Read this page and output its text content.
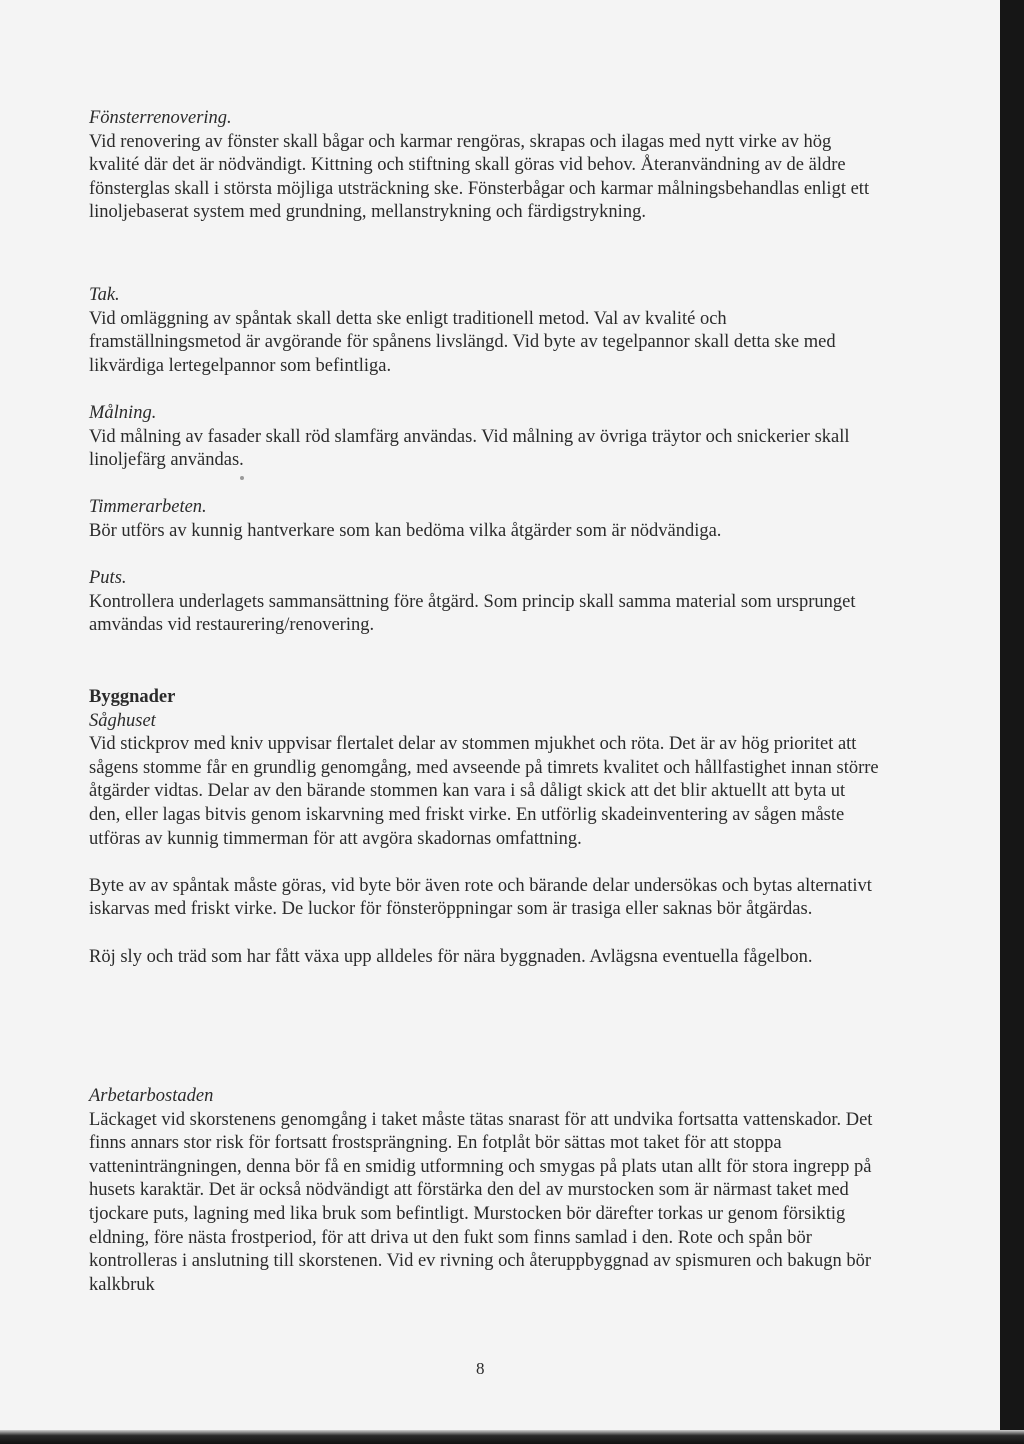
Fönsterrenovering.

Vid renovering av fönster skall bågar och karmar rengöras, skrapas och ilagas med nytt virke av hög kvalité där det är nödvändigt. Kittning och stiftning skall göras vid behov. Återanvändning av de äldre fönsterglas skall i största möjliga utsträckning ske. Fönsterbågar och karmar målningsbehandlas enligt ett linoljebaserat system med grundning, mellanstrykning och färdigstrykning.

Tak.

Vid omläggning av spåntak skall detta ske enligt traditionell metod. Val av kvalité och framställningsmetod är avgörande för spånens livslängd. Vid byte av tegelpannor skall detta ske med likvärdiga lertegelpannor som befintliga.

Målning.

Vid målning av fasader skall röd slamfärg användas. Vid målning av övriga träytor och snickerier skall linoljefärg användas.

Timmerarbeten.

Bör utförs av kunnig hantverkare som kan bedöma vilka åtgärder som är nödvändiga.

Puts.

Kontrollera underlagets sammansättning före åtgärd. Som princip skall samma material som ursprunget amvändas vid restaurering/renovering.

Byggnader

Såghuset

Vid stickprov med kniv uppvisar flertalet delar av stommen mjukhet och röta. Det är av hög prioritet att sågens stomme får en grundlig genomgång, med avseende på timrets kvalitet och hållfastighet innan större åtgärder vidtas. Delar av den bärande stommen kan vara i så dåligt skick att det blir aktuellt att byta ut den, eller lagas bitvis genom iskarvning med friskt virke. En utförlig skadeinventering av sågen måste utföras av kunnig timmerman för att avgöra skadornas omfattning.

Byte av av spåntak måste göras, vid byte bör även rote och bärande delar undersökas och bytas alternativt iskarvas med friskt virke. De luckor för fönsteröppningar som är trasiga eller saknas bör åtgärdas.

Röj sly och träd som har fått växa upp alldeles för nära byggnaden. Avlägsna eventuella fågelbon.

Arbetarbostaden

Läckaget vid skorstenens genomgång i taket måste tätas snarast för att undvika fortsatta vattenskador. Det finns annars stor risk för fortsatt frostsprängning. En fotplåt bör sättas mot taket för att stoppa vatteninträngningen, denna bör få en smidig utformning och smygas på plats utan allt för stora ingrepp på husets karaktär. Det är också nödvändigt att förstärka den del av murstocken som är närmast taket med tjockare puts, lagning med lika bruk som befintligt. Murstocken bör därefter torkas ur genom försiktig eldning, före nästa frostperiod, för att driva ut den fukt som finns samlad i den. Rote och spån bör kontrolleras i anslutning till skorstenen. Vid ev rivning och återuppbyggnad av spismuren och bakugn bör kalkbruk

8
